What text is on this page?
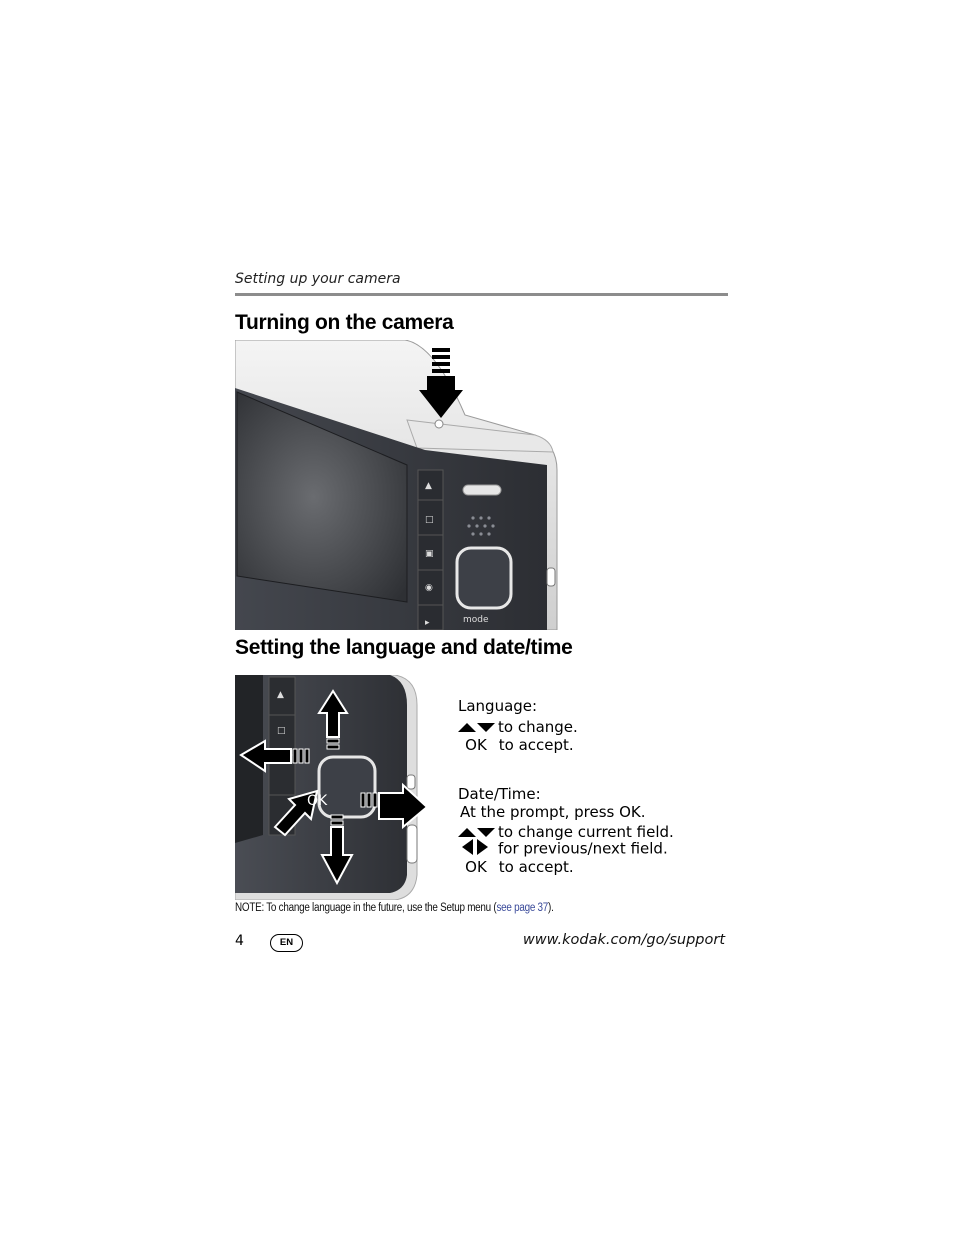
Setting up your camera
Turning on the camera
▲
□
▣
◉
▸	mode
Setting the language and date/time
▲
□
OK
Language:
to change.
OK to accept.
Date/Time:
At the prompt, press OK.
to change current field.
for previous/next field.
OK to accept.
NOTE: To change language in the future, use the Setup menu (see page 37).
4	EN	www.kodak.com/go/support
